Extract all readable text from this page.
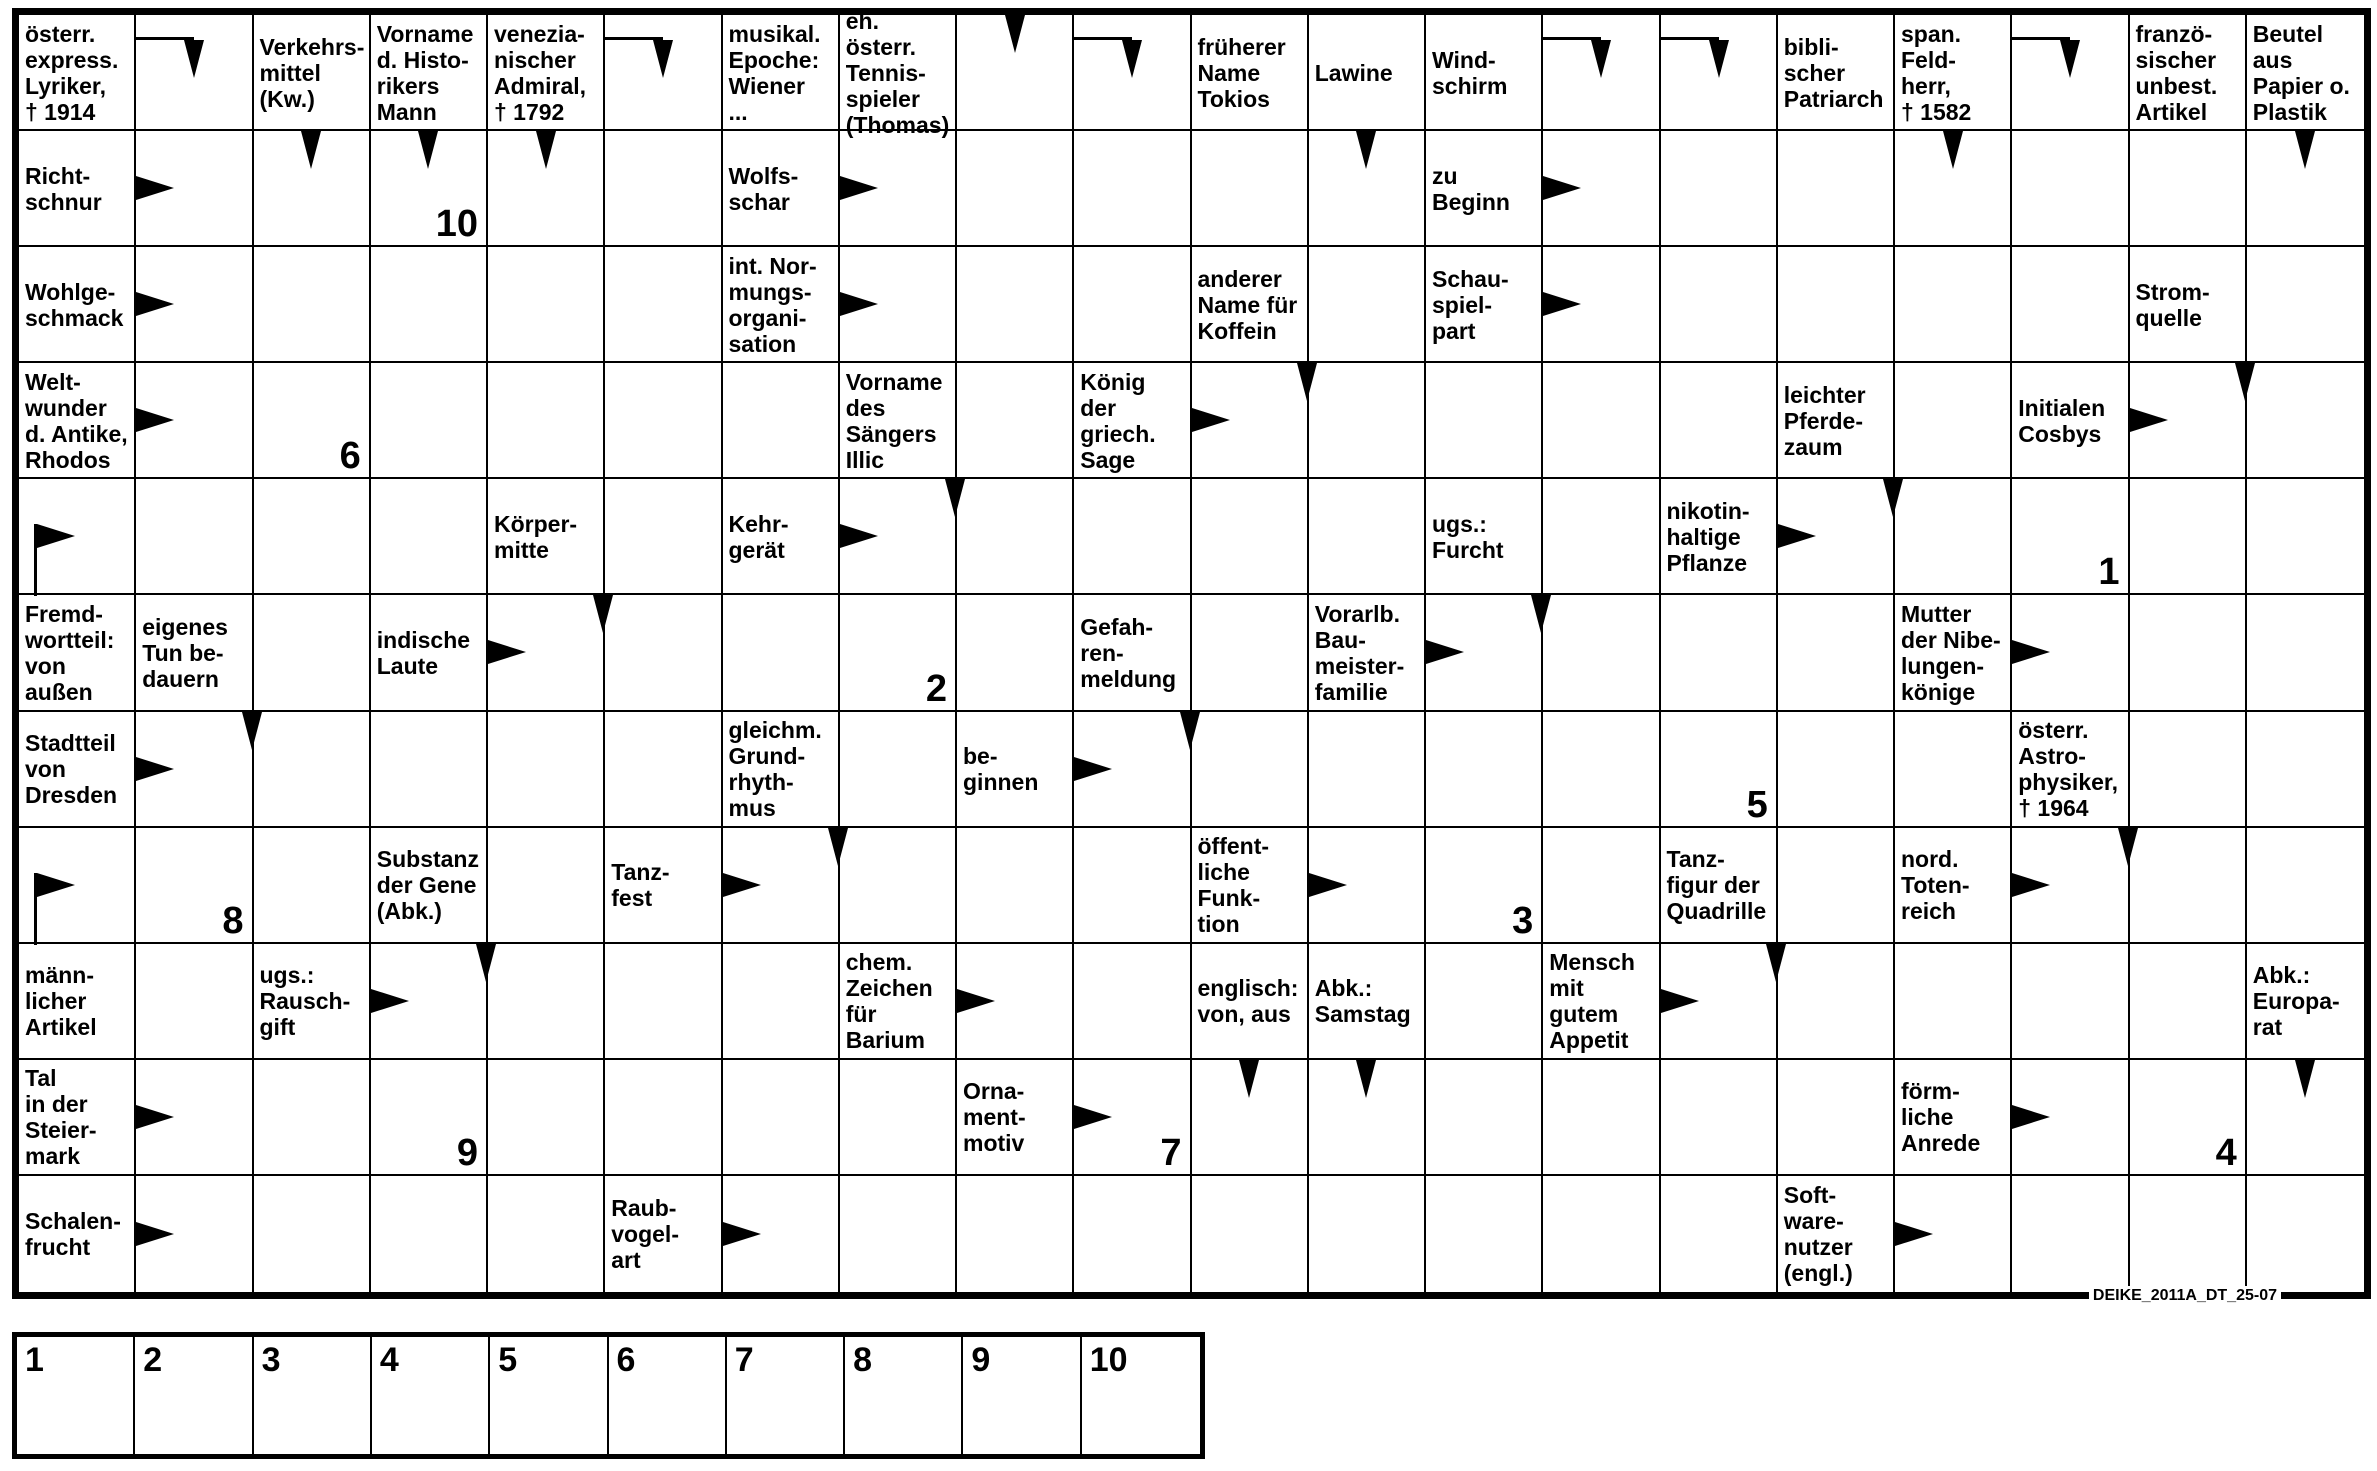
österr.
express.
Lyriker,
† 1914
Verkehrs-
mittel
(Kw.)
Vorname
d. Histo-
rikers
Mann
venezia-
nischer
Admiral,
† 1792
musikal.
Epoche:
Wiener
...
eh. österr.
Tennis-
spieler
(Thomas)
früherer
Name
Tokios
Lawine Wind-
schirm
bibli-
scher
Patriarch
span.
Feld-
herr,
† 1582
franzö-
sischer
unbest.
Artikel
Beutel
aus
Papier o.
Plastik
Richt-
schnur
10
Wolfs-
schar
zu
Beginn
Wohlge-
schmack
int. Nor-
mungs-
organi-
sation
anderer
Name für
Koffein
Schau-
spiel-
part
Strom-
quelle
Welt-
wunder
d. Antike,
Rhodos	6
Vorname
des
Sängers
Illic
König
der
griech.
Sage
leichter
Pferde-
zaum
Initialen
Cosbys
Körper-
mitte
Kehr-
gerät
ugs.:
Furcht
nikotin-
haltige
Pflanze	1
Fremd-
wortteil:
von
außen
eigenes
Tun be-
dauern
indische
Laute
2
Gefah-
ren-
meldung
Vorarlb.
Bau-
meister-
familie
Mutter
der Nibe-
lungen-
könige
Stadtteil
von
Dresden
gleichm.
Grund-
rhyth-
mus
be-
ginnen
5
österr.
Astro-
physiker,
† 1964
8
Substanz
der Gene
(Abk.)
Tanz-
fest
öffent-
liche
Funk-
tion	3
Tanz-
figur der
Quadrille
nord.
Toten-
reich
männ-
licher
Artikel
ugs.:
Rausch-
gift
chem.
Zeichen
für
Barium
englisch:
von, aus
Abk.:
Samstag
Mensch
mit
gutem
Appetit
Abk.:
Europa-
rat
Tal
in der
Steier-
mark	9
Orna-
ment-
motiv	7
förm-
liche
Anrede	4
Schalen-
frucht
Raub-
vogel-
art
Soft-
ware-
nutzer
(engl.)
DEIKE_2011A_DT_25-07
1	2	3	4	5	6	7	8	9	10
